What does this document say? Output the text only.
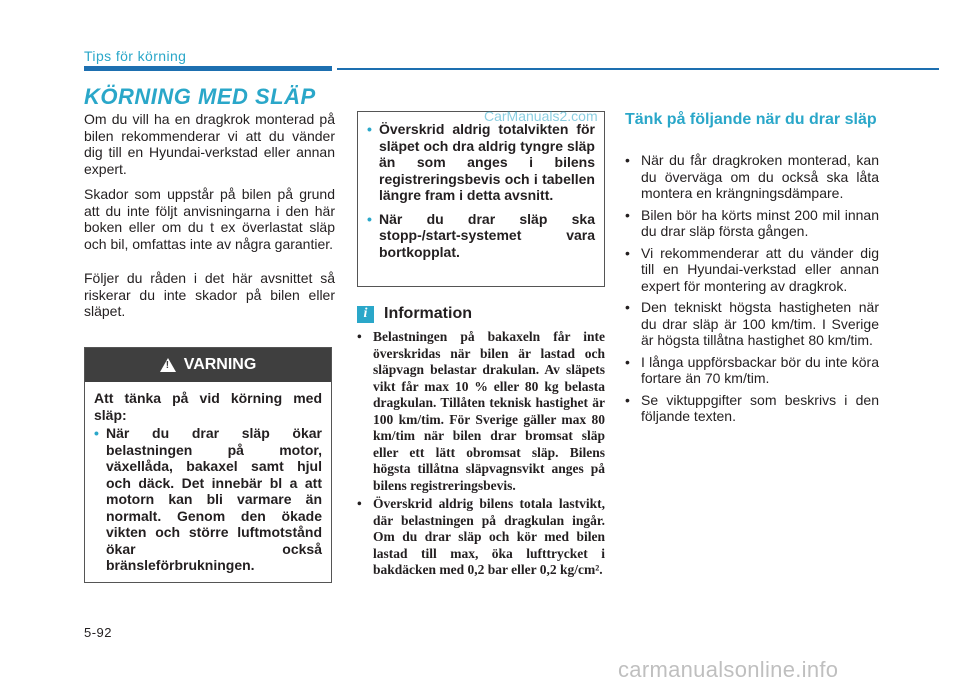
Tips för körning
KÖRNING MED SLÄP

Om du vill ha en dragkrok monterad på bilen rekommenderar vi att du vänder dig till en Hyundai-verkstad eller annan expert.

Skador som uppstår på bilen på grund att du inte följt anvisningarna i den här boken eller om du t ex överlastat släp och bil, omfattas inte av några garantier.

Följer du råden i det här avsnittet så riskerar du inte skador på bilen eller släpet.

!
VARNING

Att tänka på vid körning med släp:

• När du drar släp ökar belastningen på motor, växellåda, bakaxel samt hjul och däck. Det innebär bl a att motorn kan bli varmare än normalt. Genom den ökade vikten och större luftmotstånd ökar också bränsleförbrukningen.
• Överskrid aldrig totalvikten för släpet och dra aldrig tyngre släp än som anges i bilens registreringsbevis och i tabellen längre fram i detta avsnitt.
• När du drar släp ska stopp-/start-systemet vara bortkopplat.
i	Information
• Belastningen på bakaxeln får inte överskridas när bilen är lastad och släpvagn belastar drakulan. Av släpets vikt får max 10 % eller 80 kg belasta dragkulan. Tillåten teknisk hastighet är 100 km/tim. För Sverige gäller max 80 km/tim när bilen drar bromsat släp eller ett lätt obromsat släp. Bilens högsta tillåtna släpvagnsvikt anges på bilens registreringsbevis.
• Överskrid aldrig bilens totala lastvikt, där belastningen på dragkulan ingår. Om du drar släp och kör med bilen lastad till max, öka lufttrycket i bakdäcken med 0,2 bar eller 0,2 kg/cm².
Tänk på följande när du drar släp
• När du får dragkroken monterad, kan du överväga om du också ska låta montera en krängningsdämpare.
• Bilen bör ha körts minst 200 mil innan du drar släp första gången.
• Vi rekommenderar att du vänder dig till en Hyundai-verkstad eller annan expert för montering av dragkrok.
• Den tekniskt högsta hastigheten när du drar släp är 100 km/tim. I Sverige är högsta tillåtna hastighet 80 km/tim.
• I långa uppförsbackar bör du inte köra fortare än 70 km/tim.
• Se viktuppgifter som beskrivs i den följande texten.
5-92
CarManuals2.com
carmanualsonline.info
